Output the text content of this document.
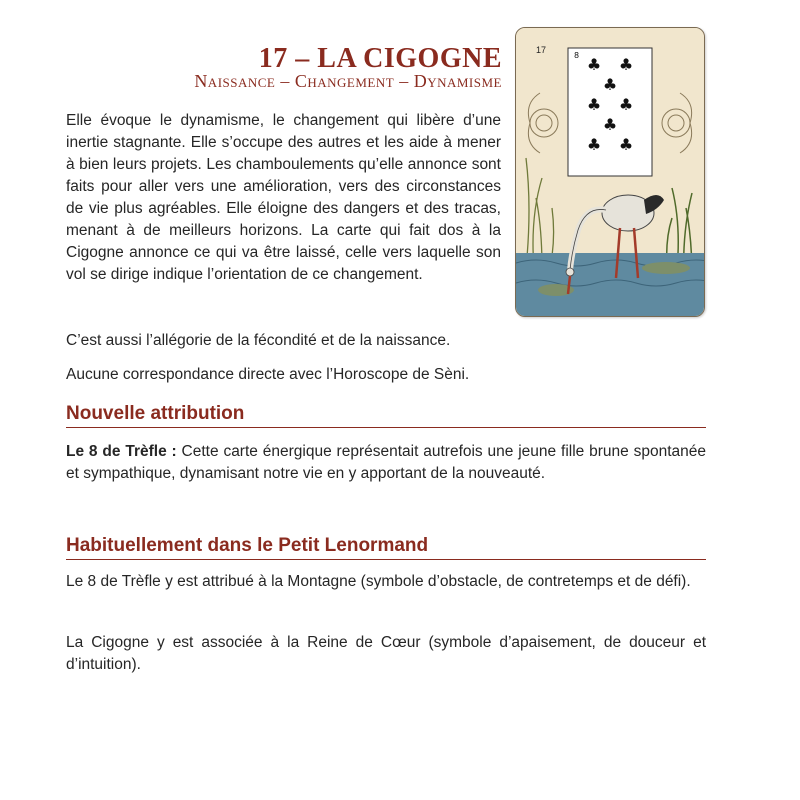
17 – LA CIGOGNE
Naissance – Changement – Dynamisme

Elle évoque le dynamisme, le changement qui libère d’une inertie stagnante. Elle s’occupe des autres et les aide à mener à bien leurs projets. Les chamboulements qu’elle annonce sont faits pour aller vers une amélioration, vers des circonstances de vie plus agréables. Elle éloigne des dangers et des tracas, menant à de meilleurs horizons. La carte qui fait dos à la Cigogne annonce ce qui va être laissé, celle vers laquelle son vol se dirige indique l’orientation de ce changement.

C’est aussi l’allégorie de la fécondité et de la naissance.

Aucune correspondance directe avec l’Horoscope de Sèni.

♣ ♣
♣
♣ ♣
♣
♣ ♣
8
17
Nouvelle attribution

Le 8 de Trèfle : Cette carte énergique représentait autrefois une jeune fille brune spontanée et sympathique, dynamisant notre vie en y apportant de la nouveauté.

Habituellement dans le Petit Lenormand

Le 8 de Trèfle y est attribué à la Montagne (symbole d’obstacle, de contretemps et de défi).

La Cigogne y est associée à la Reine de Cœur (symbole d’apaisement, de douceur et d’intuition).
